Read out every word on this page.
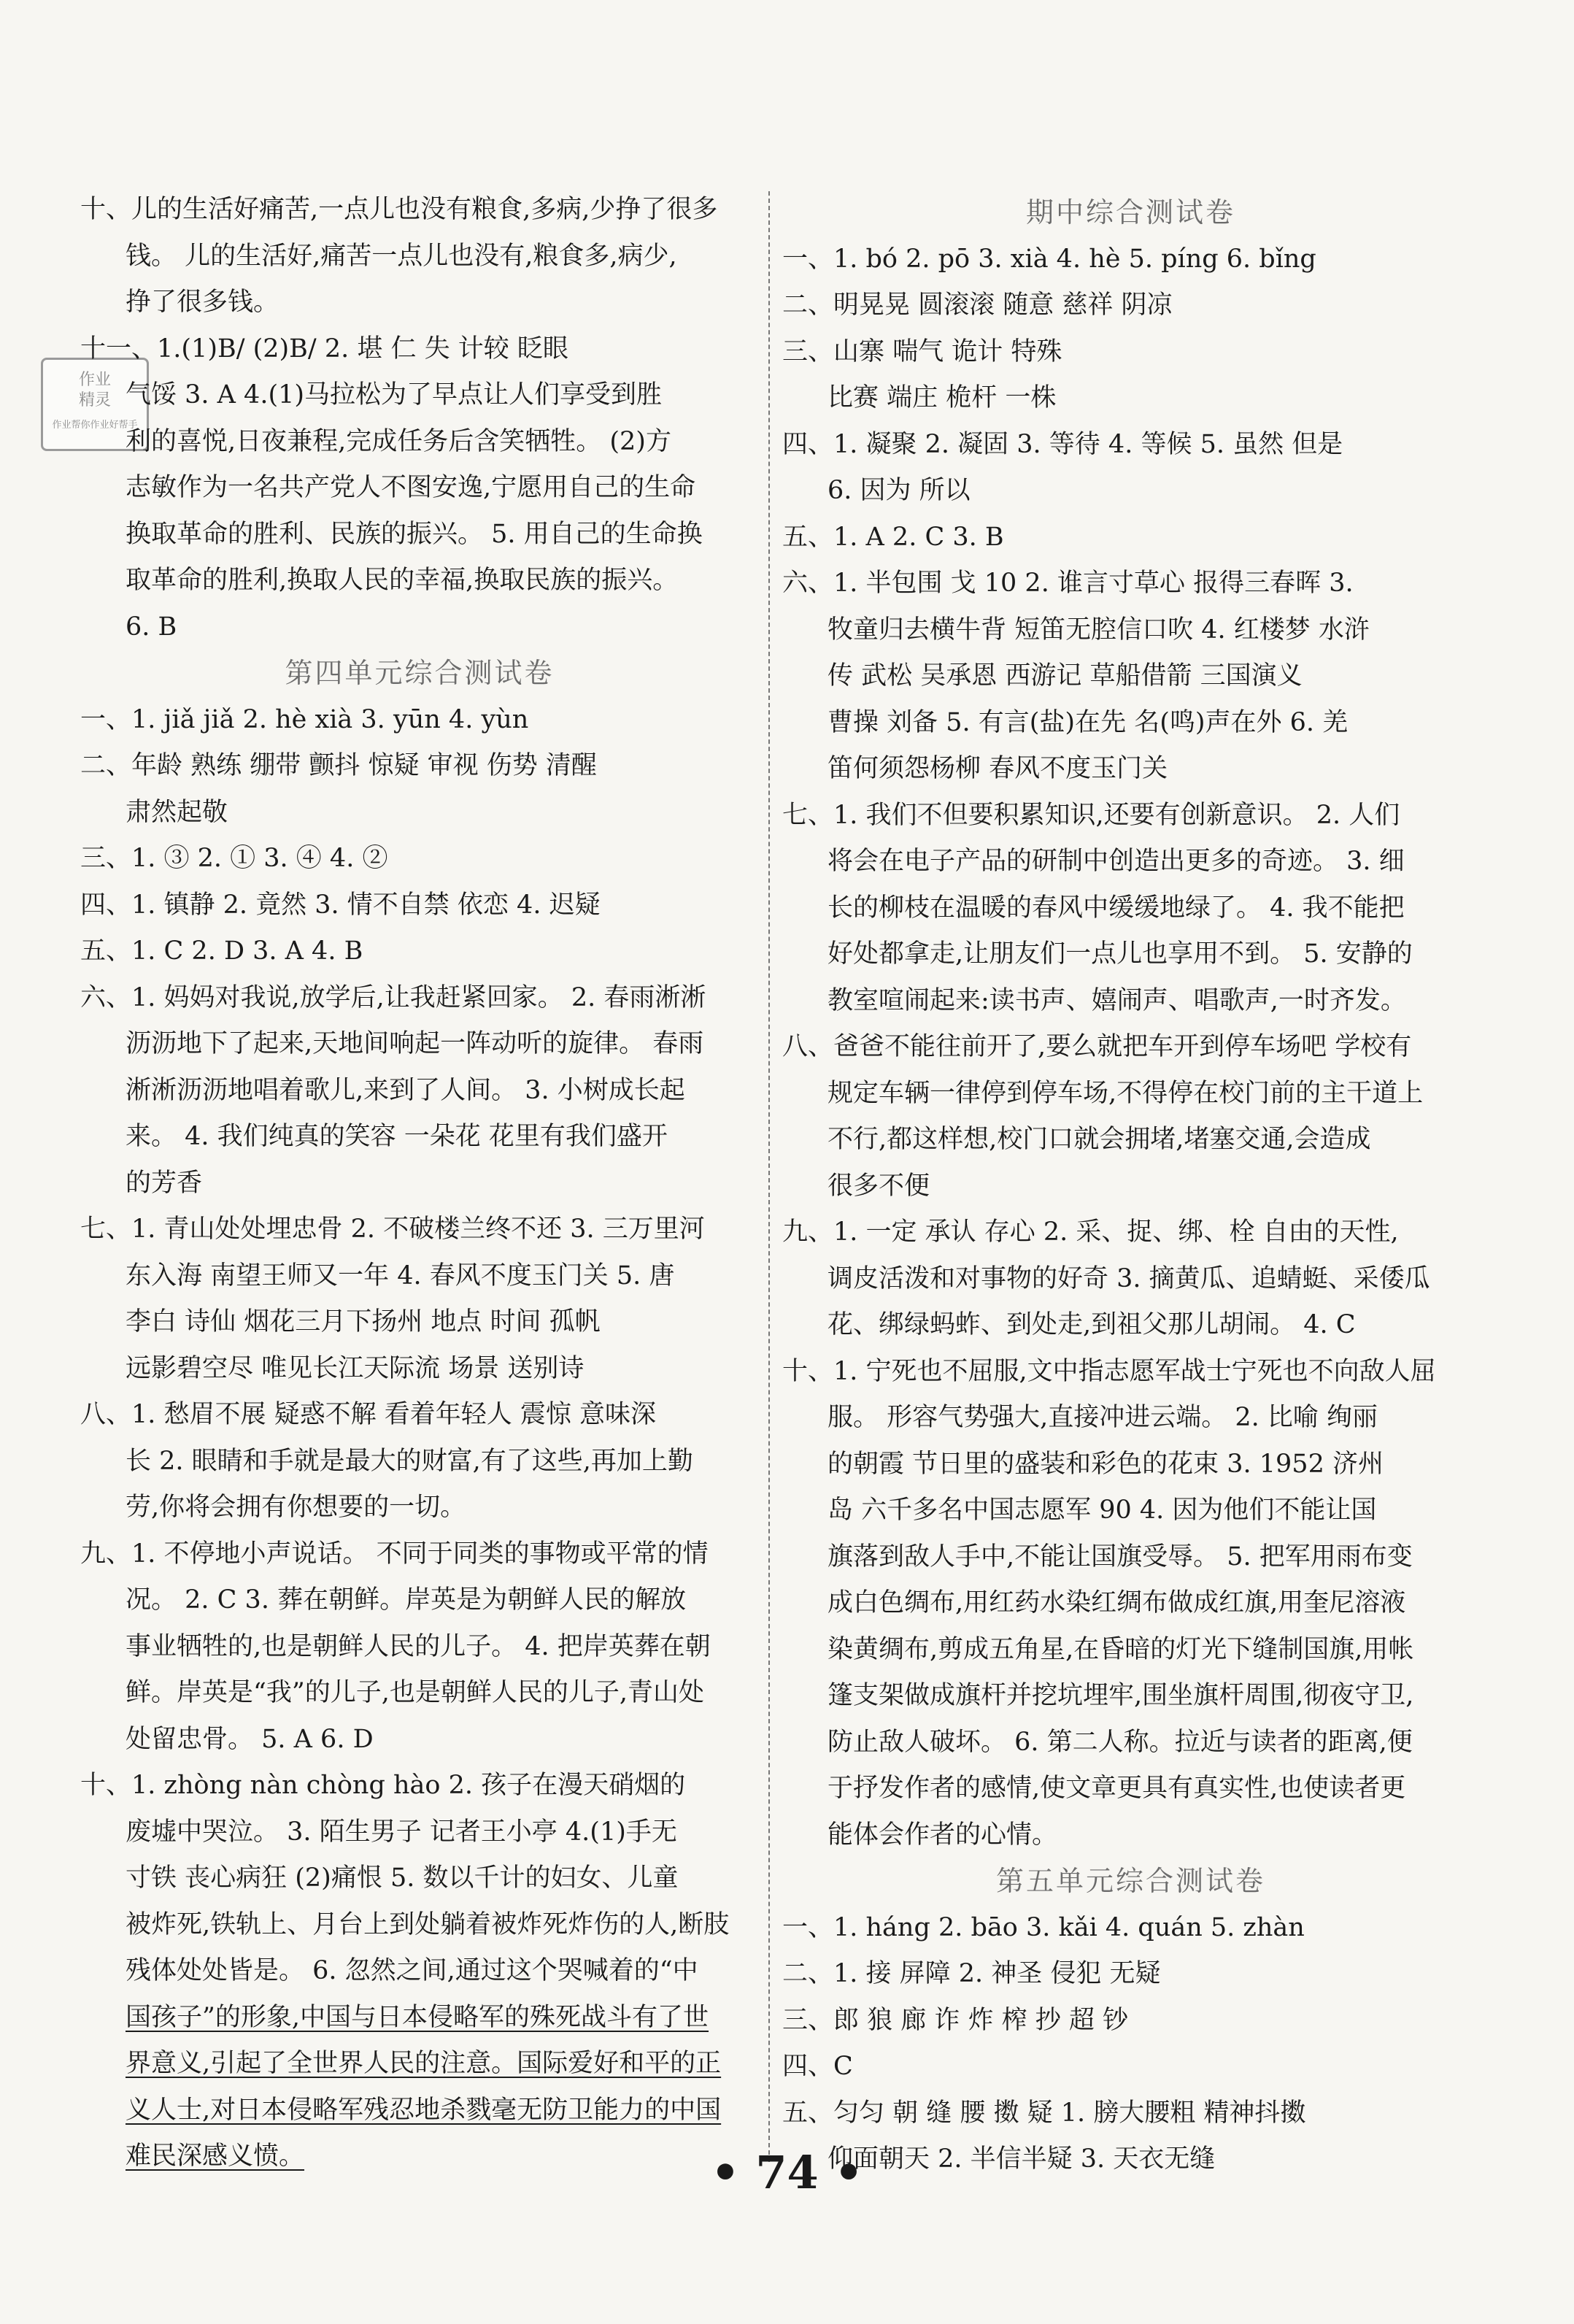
作业
精灵
作业帮你作业好帮手

十、儿的生活好痛苦,一点儿也没有粮食,多病,少挣了很多

钱。 儿的生活好,痛苦一点儿也没有,粮食多,病少,

挣了很多钱。

十一、1.(1)B/ (2)B/ 2. 堪 仁 失 计较 眨眼

气馁 3. A 4.(1)马拉松为了早点让人们享受到胜

利的喜悦,日夜兼程,完成任务后含笑牺牲。 (2)方

志敏作为一名共产党人不图安逸,宁愿用自己的生命

换取革命的胜利、民族的振兴。 5. 用自己的生命换

取革命的胜利,换取人民的幸福,换取民族的振兴。

6. B

第四单元综合测试卷

一、1. jiǎ jiǎ 2. hè xià 3. yūn 4. yùn

二、年龄 熟练 绷带 颤抖 惊疑 审视 伤势 清醒

肃然起敬

三、1. ③ 2. ① 3. ④ 4. ②

四、1. 镇静 2. 竟然 3. 情不自禁 依恋 4. 迟疑

五、1. C 2. D 3. A 4. B

六、1. 妈妈对我说,放学后,让我赶紧回家。 2. 春雨淅淅

沥沥地下了起来,天地间响起一阵动听的旋律。 春雨

淅淅沥沥地唱着歌儿,来到了人间。 3. 小树成长起

来。 4. 我们纯真的笑容 一朵花 花里有我们盛开

的芳香

七、1. 青山处处埋忠骨 2. 不破楼兰终不还 3. 三万里河

东入海 南望王师又一年 4. 春风不度玉门关 5. 唐

李白 诗仙 烟花三月下扬州 地点 时间 孤帆

远影碧空尽 唯见长江天际流 场景 送别诗

八、1. 愁眉不展 疑惑不解 看着年轻人 震惊 意味深

长 2. 眼睛和手就是最大的财富,有了这些,再加上勤

劳,你将会拥有你想要的一切。

九、1. 不停地小声说话。 不同于同类的事物或平常的情

况。 2. C 3. 葬在朝鲜。岸英是为朝鲜人民的解放

事业牺牲的,也是朝鲜人民的儿子。 4. 把岸英葬在朝

鲜。岸英是“我”的儿子,也是朝鲜人民的儿子,青山处

处留忠骨。 5. A 6. D

十、1. zhòng nàn chòng hào 2. 孩子在漫天硝烟的

废墟中哭泣。 3. 陌生男子 记者王小亭 4.(1)手无

寸铁 丧心病狂 (2)痛恨 5. 数以千计的妇女、儿童

被炸死,铁轨上、月台上到处躺着被炸死炸伤的人,断肢

残体处处皆是。 6. 忽然之间,通过这个哭喊着的“中

国孩子”的形象,中国与日本侵略军的殊死战斗有了世

界意义,引起了全世界人民的注意。国际爱好和平的正

义人士,对日本侵略军残忍地杀戮毫无防卫能力的中国

难民深感义愤。

期中综合测试卷

一、1. bó 2. pō 3. xià 4. hè 5. píng 6. bǐng

二、明晃晃 圆滚滚 随意 慈祥 阴凉

三、山寨 喘气 诡计 特殊

比赛 端庄 桅杆 一株

四、1. 凝聚 2. 凝固 3. 等待 4. 等候 5. 虽然 但是

6. 因为 所以

五、1. A 2. C 3. B

六、1. 半包围 戈 10 2. 谁言寸草心 报得三春晖 3.

牧童归去横牛背 短笛无腔信口吹 4. 红楼梦 水浒

传 武松 吴承恩 西游记 草船借箭 三国演义

曹操 刘备 5. 有言(盐)在先 名(鸣)声在外 6. 羌

笛何须怨杨柳 春风不度玉门关

七、1. 我们不但要积累知识,还要有创新意识。 2. 人们

将会在电子产品的研制中创造出更多的奇迹。 3. 细

长的柳枝在温暖的春风中缓缓地绿了。 4. 我不能把

好处都拿走,让朋友们一点儿也享用不到。 5. 安静的

教室喧闹起来:读书声、嬉闹声、唱歌声,一时齐发。

八、爸爸不能往前开了,要么就把车开到停车场吧 学校有

规定车辆一律停到停车场,不得停在校门前的主干道上

不行,都这样想,校门口就会拥堵,堵塞交通,会造成

很多不便

九、1. 一定 承认 存心 2. 采、捉、绑、栓 自由的天性,

调皮活泼和对事物的好奇 3. 摘黄瓜、追蜻蜓、采倭瓜

花、绑绿蚂蚱、到处走,到祖父那儿胡闹。 4. C

十、1. 宁死也不屈服,文中指志愿军战士宁死也不向敌人屈

服。 形容气势强大,直接冲进云端。 2. 比喻 绚丽

的朝霞 节日里的盛装和彩色的花束 3. 1952 济州

岛 六千多名中国志愿军 90 4. 因为他们不能让国

旗落到敌人手中,不能让国旗受辱。 5. 把军用雨布变

成白色绸布,用红药水染红绸布做成红旗,用奎尼溶液

染黄绸布,剪成五角星,在昏暗的灯光下缝制国旗,用帐

篷支架做成旗杆并挖坑埋牢,围坐旗杆周围,彻夜守卫,

防止敌人破坏。 6. 第二人称。拉近与读者的距离,便

于抒发作者的感情,使文章更具有真实性,也使读者更

能体会作者的心情。

第五单元综合测试卷

一、1. háng 2. bāo 3. kǎi 4. quán 5. zhàn

二、1. 接 屏障 2. 神圣 侵犯 无疑

三、郎 狼 廊 诈 炸 榨 抄 超 钞

四、C

五、匀匀 朝 缝 腰 擞 疑 1. 膀大腰粗 精神抖擞

仰面朝天 2. 半信半疑 3. 天衣无缝

• 74 •
